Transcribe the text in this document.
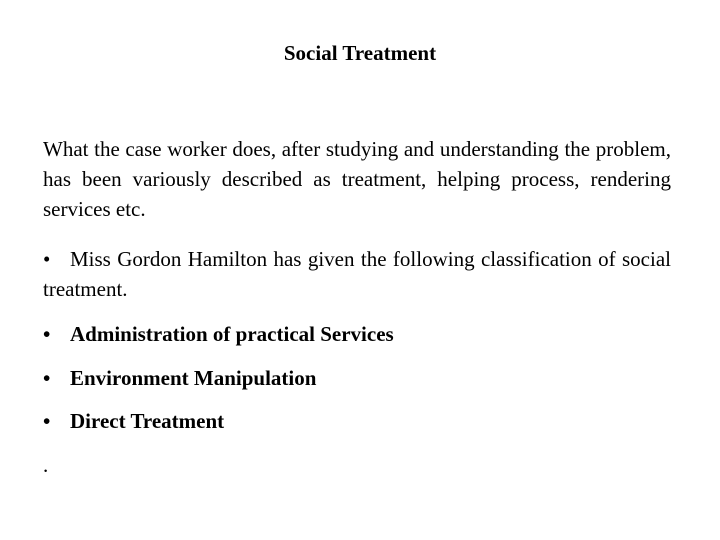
Social Treatment
What the case worker does, after studying and understanding the problem, has been variously described as treatment, helping process, rendering services etc.
• Miss Gordon Hamilton has given the following classification of social treatment.
• Administration of practical Services
• Environment Manipulation
• Direct Treatment
.
